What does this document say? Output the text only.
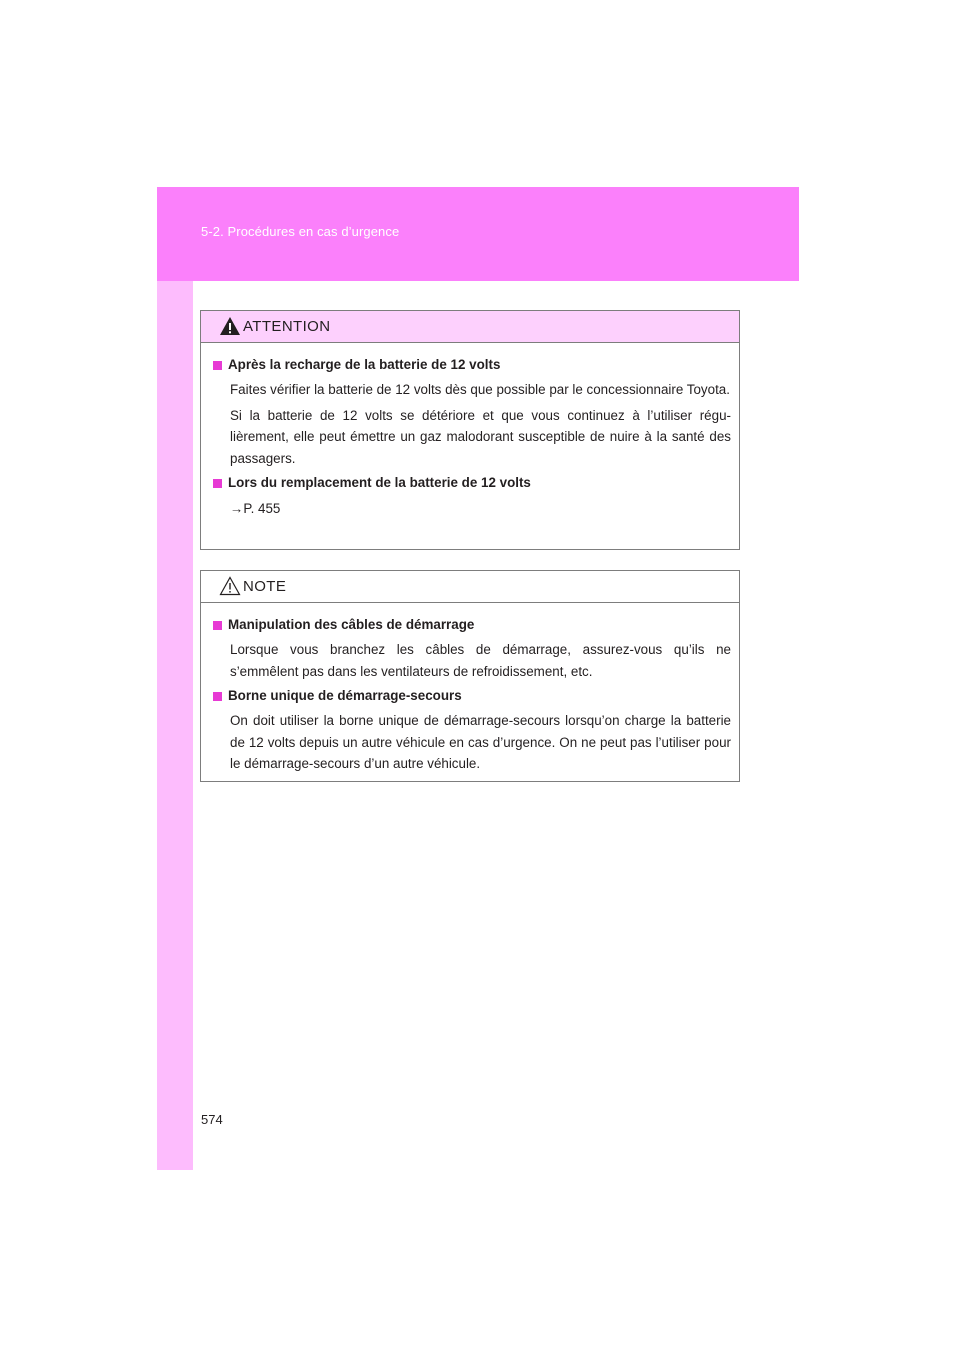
5-2. Procédures en cas d’urgence
ATTENTION
Après la recharge de la batterie de 12 volts

Faites vérifier la batterie de 12 volts dès que possible par le concessionnaire Toyota.

Si la batterie de 12 volts se détériore et que vous continuez à l’utiliser régu-lièrement, elle peut émettre un gaz malodorant susceptible de nuire à la santé des passagers.

Lors du remplacement de la batterie de 12 volts
→P. 455
NOTE
Manipulation des câbles de démarrage

Lorsque vous branchez les câbles de démarrage, assurez-vous qu’ils ne s’emmêlent pas dans les ventilateurs de refroidissement, etc.

Borne unique de démarrage-secours

On doit utiliser la borne unique de démarrage-secours lorsqu’on charge la batterie de 12 volts depuis un autre véhicule en cas d’urgence. On ne peut pas l’utiliser pour le démarrage-secours d’un autre véhicule.

574
